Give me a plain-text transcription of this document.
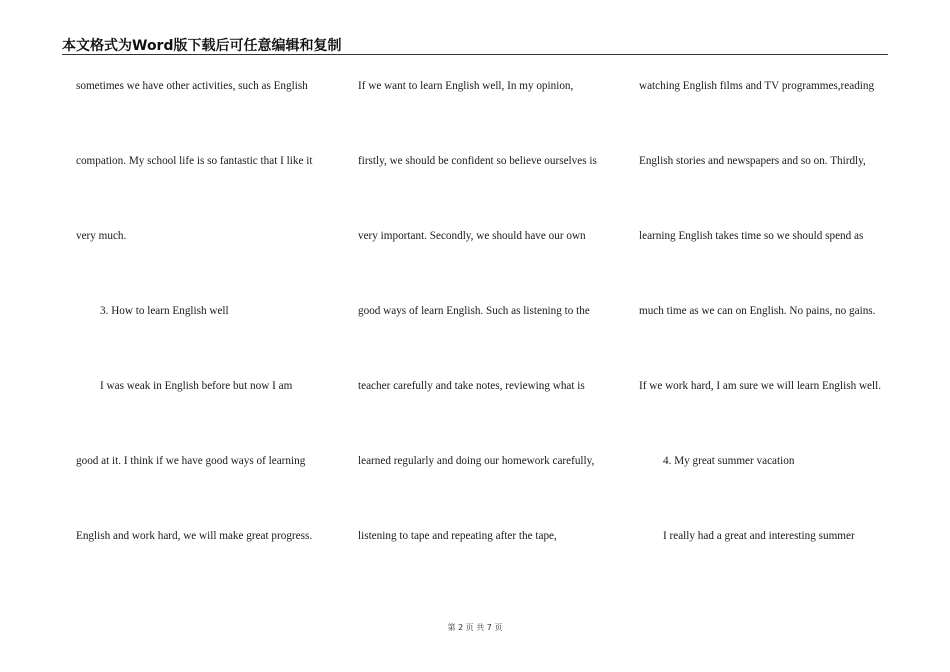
本文格式为Word版下载后可任意编辑和复制
sometimes we have other activities, such as English
compation. My school life is so fantastic that I like it
very much.
3. How to learn English well
I was weak in English before but now I am
good at it. I think if we have good ways of learning
English and work hard, we will make great progress.
If we want to learn English well, In my opinion,
firstly, we should be confident so believe ourselves is
very important. Secondly, we should have our own
good ways of learn English. Such as listening to the
teacher carefully and take notes, reviewing what is
learned regularly and doing our homework carefully,
listening to tape and repeating after the tape,
watching English films and TV programmes,reading
English stories and newspapers and so on. Thirdly,
learning English takes time so we should spend as
much time as we can on English. No pains, no gains.
If we work hard, I am sure we will learn English well.
4. My great summer vacation
I really had a great and interesting summer
第 2 页 共 7 页
